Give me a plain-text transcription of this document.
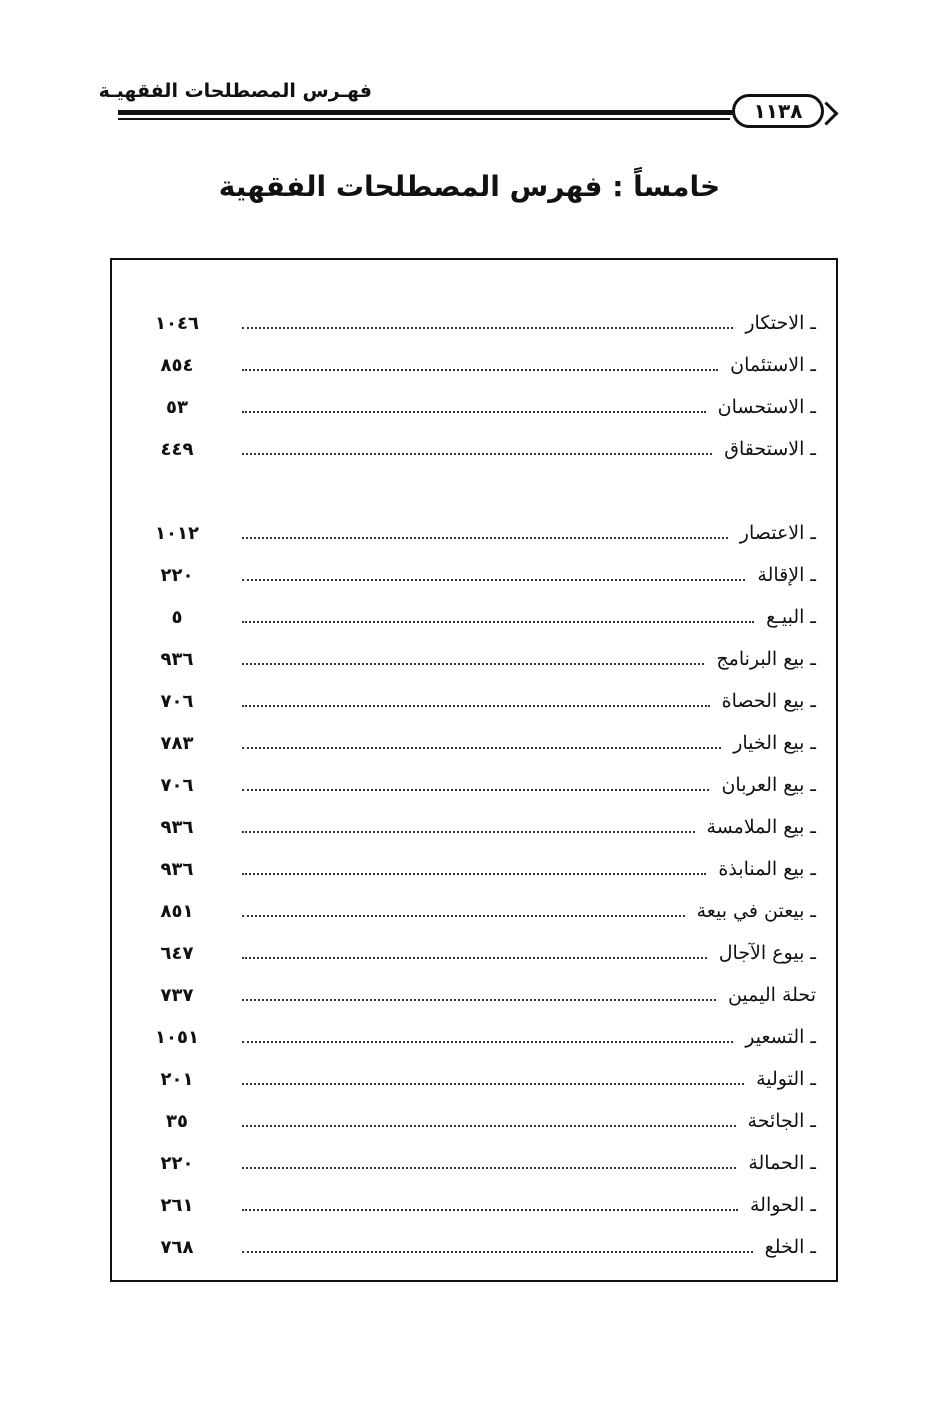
فهـرس المصطلحات الفقهيـة
١١٣٨
خامساً : فهرس المصطلحات الفقهية
ـ الاحتكار
١٠٤٦
ـ الاستئمان
٨٥٤
ـ الاستحسان
٥٣
ـ الاستحقاق
٤٤٩
ـ الاعتصار
١٠١٢
ـ الإقالة
٢٢٠
ـ البيـع
٥
ـ بيع البرنامج
٩٣٦
ـ بيع الحصاة
٧٠٦
ـ بيع الخيار
٧٨٣
ـ بيع العربان
٧٠٦
ـ بيع الملامسة
٩٣٦
ـ بيع المنابذة
٩٣٦
ـ بيعتن في بيعة
٨٥١
ـ بيوع الآجال
٦٤٧
تحلة اليمين
٧٣٧
ـ التسعير
١٠٥١
ـ التولية
٢٠١
ـ الجائحة
٣٥
ـ الحمالة
٢٢٠
ـ الحوالة
٢٦١
ـ الخلع
٧٦٨
